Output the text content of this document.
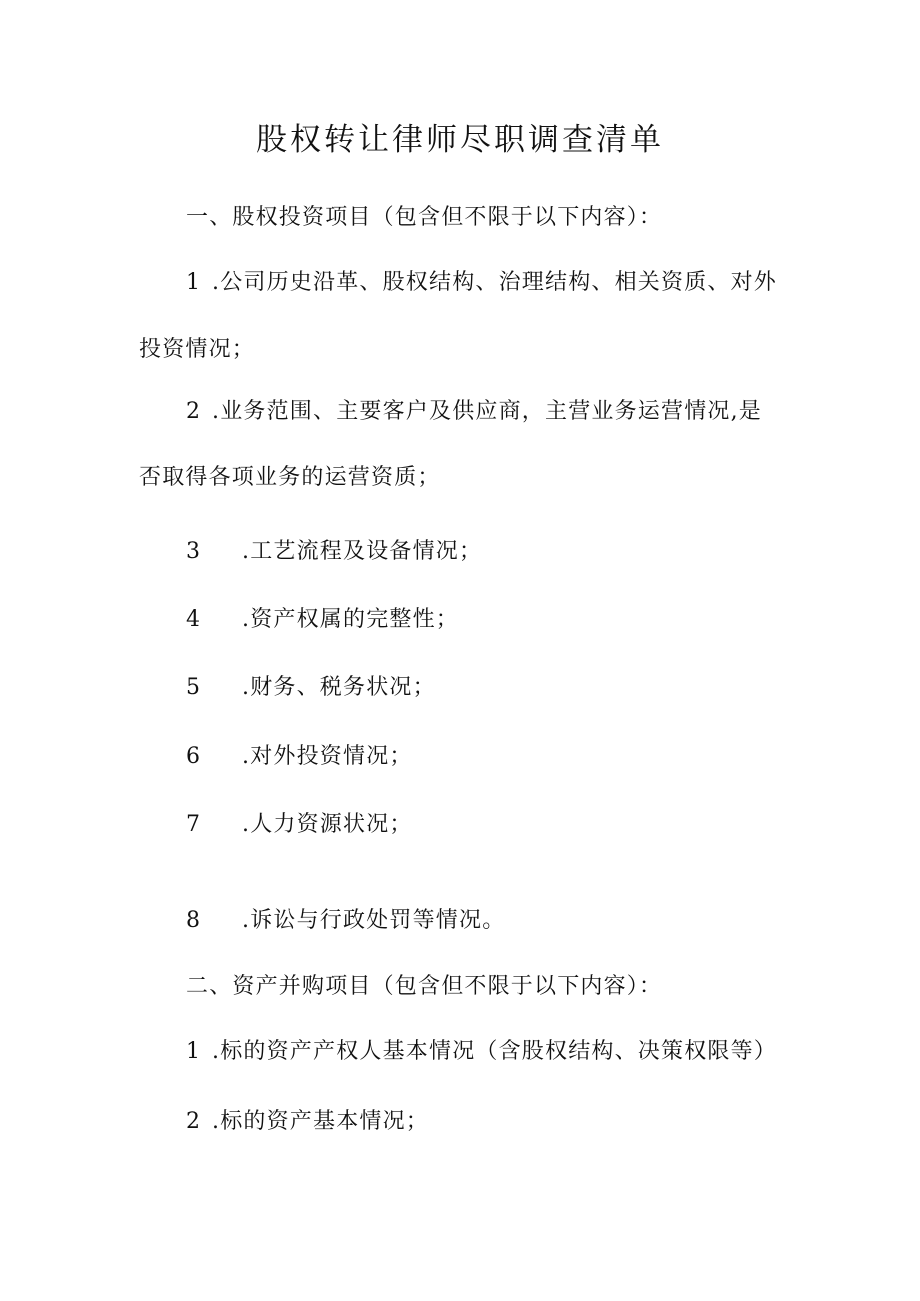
股权转让律师尽职调查清单
一、股权投资项目（包含但不限于以下内容）：
1 .公司历史沿革、股权结构、治理结构、相关资质、对外
投资情况；
2 .业务范围、主要客户及供应商，主营业务运营情况,是
否取得各项业务的运营资质；
3 .工艺流程及设备情况；
4 .资产权属的完整性；
5 .财务、税务状况；
6 .对外投资情况；
7 .人力资源状况；
8 .诉讼与行政处罚等情况。
二、资产并购项目（包含但不限于以下内容）：
1 .标的资产产权人基本情况（含股权结构、决策权限等）
2 .标的资产基本情况；
